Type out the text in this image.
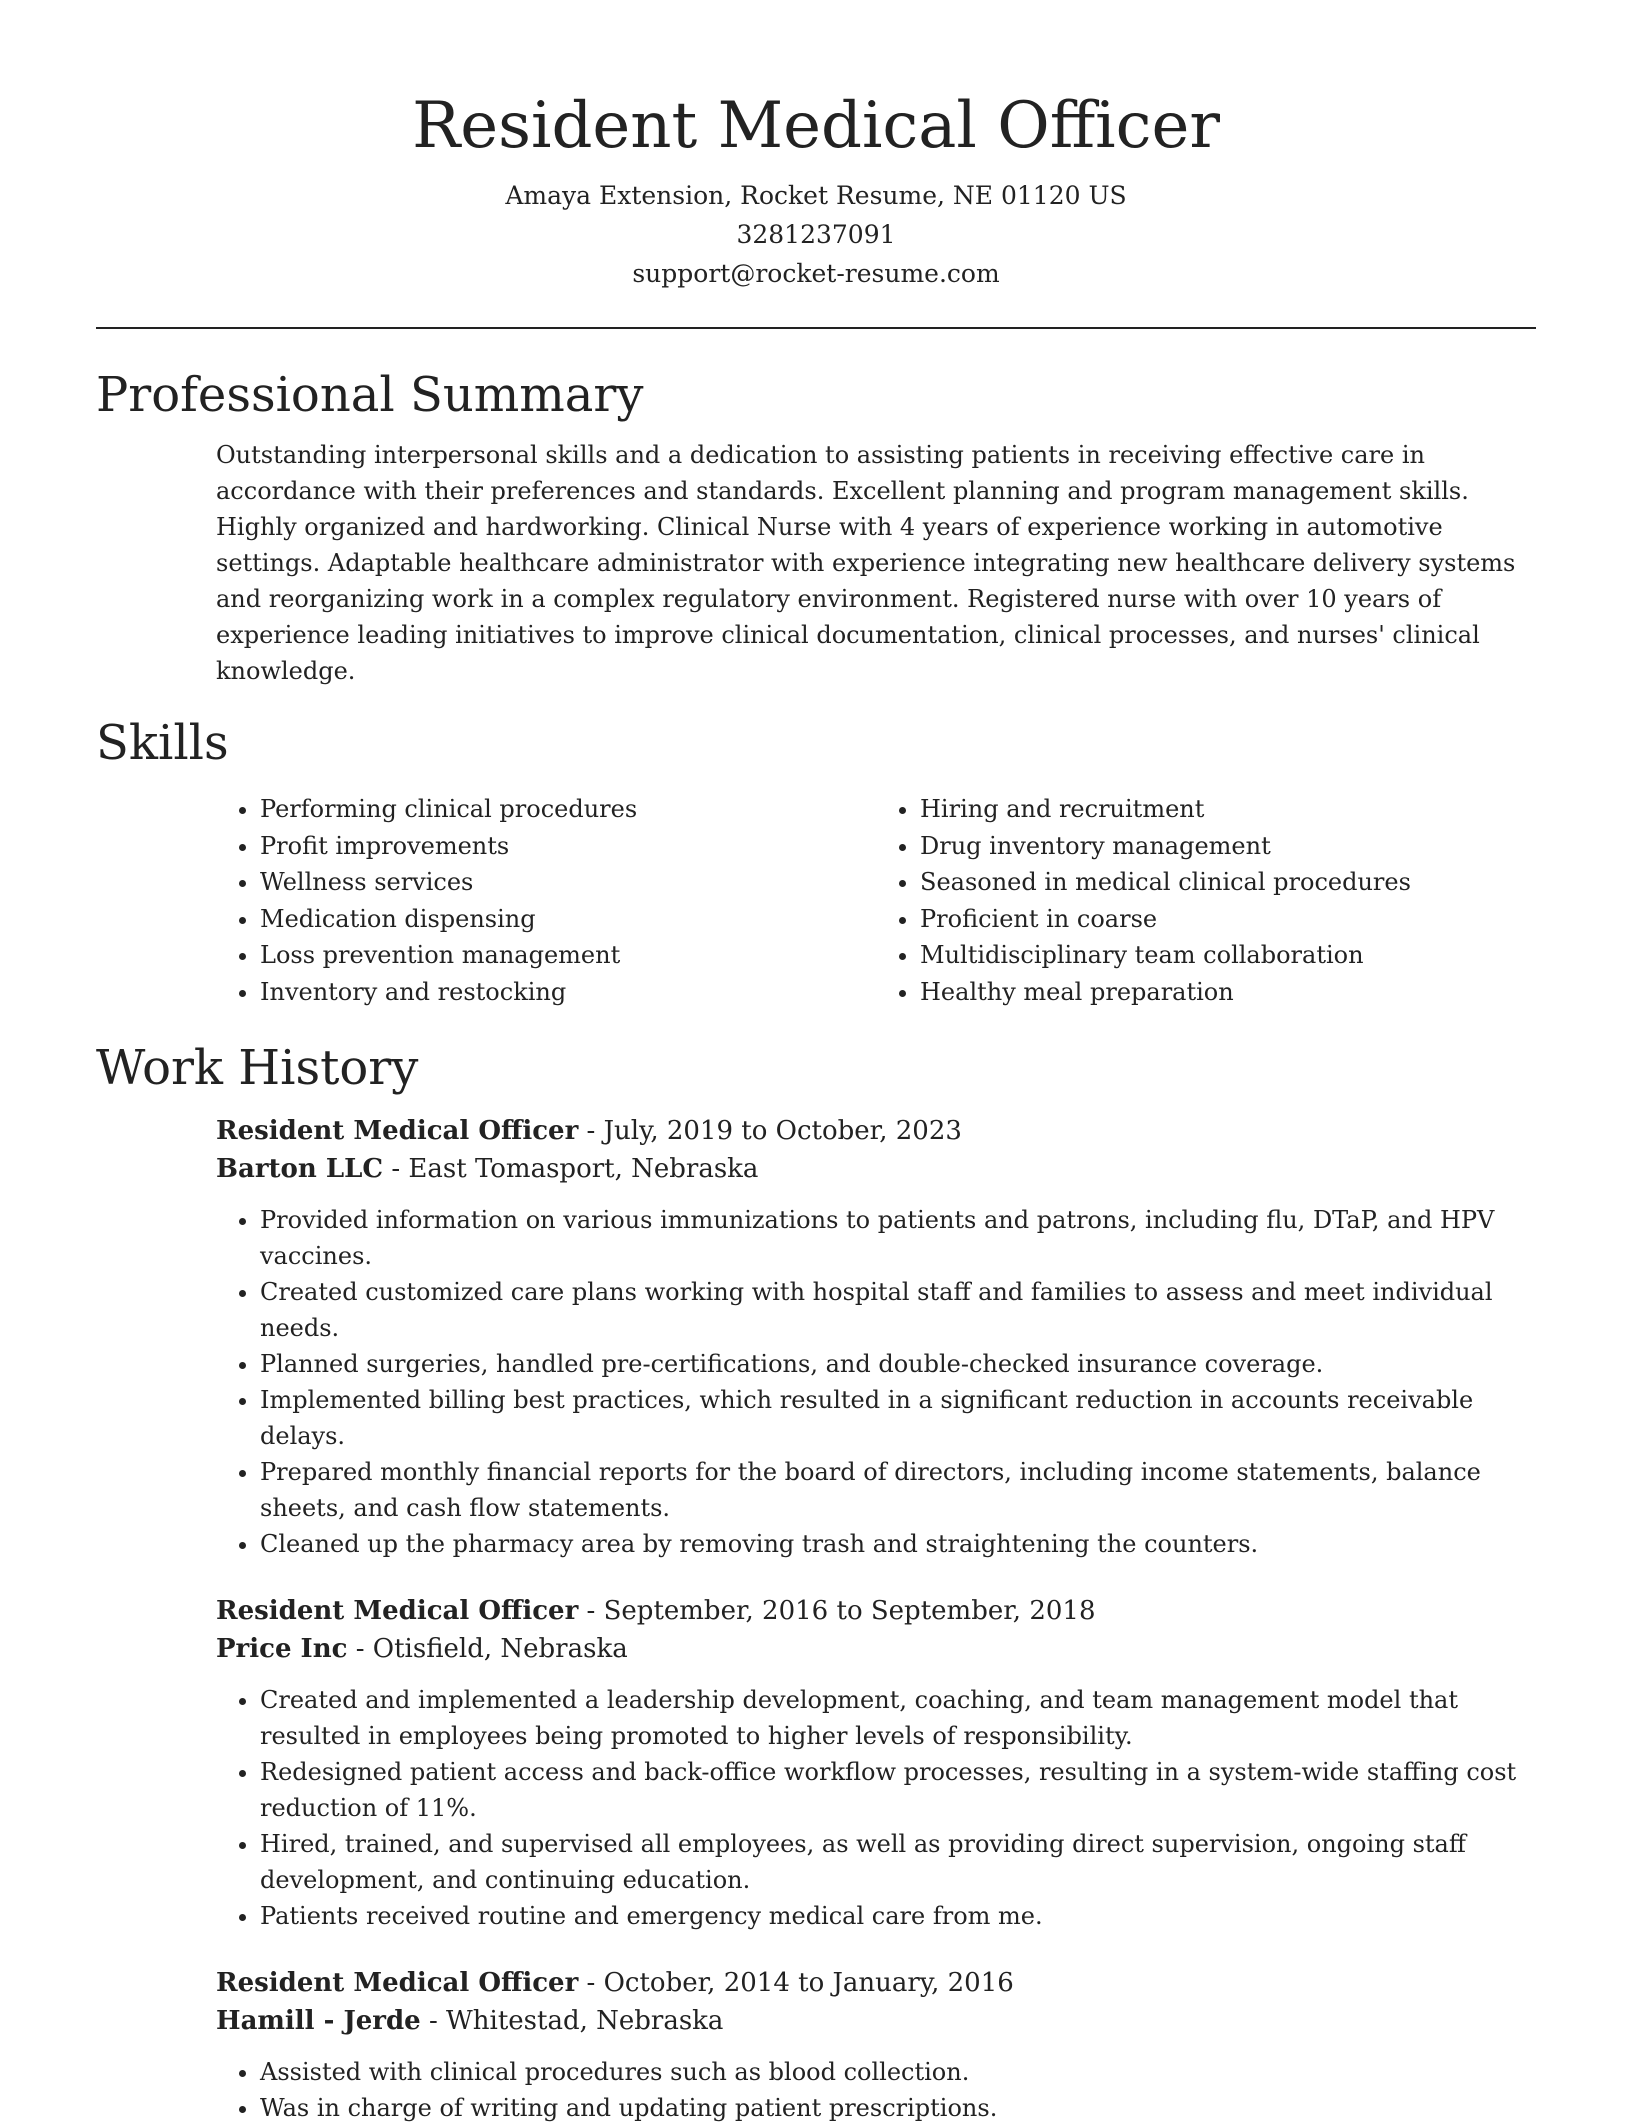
Resident Medical Officer
Amaya Extension, Rocket Resume, NE 01120 US
3281237091
support@rocket-resume.com
Professional Summary
Outstanding interpersonal skills and a dedication to assisting patients in receiving effective care in accordance with their preferences and standards. Excellent planning and program management skills. Highly organized and hardworking. Clinical Nurse with 4 years of experience working in automotive settings. Adaptable healthcare administrator with experience integrating new healthcare delivery systems and reorganizing work in a complex regulatory environment. Registered nurse with over 10 years of experience leading initiatives to improve clinical documentation, clinical processes, and nurses' clinical knowledge.
Skills
• Performing clinical procedures
• Profit improvements
• Wellness services
• Medication dispensing
• Loss prevention management
• Inventory and restocking
• Hiring and recruitment
• Drug inventory management
• Seasoned in medical clinical procedures
• Proficient in coarse
• Multidisciplinary team collaboration
• Healthy meal preparation
Work History
Resident Medical Officer - July, 2019 to October, 2023
Barton LLC - East Tomasport, Nebraska
• Provided information on various immunizations to patients and patrons, including flu, DTaP, and HPV vaccines.
• Created customized care plans working with hospital staff and families to assess and meet individual needs.
• Planned surgeries, handled pre-certifications, and double-checked insurance coverage.
• Implemented billing best practices, which resulted in a significant reduction in accounts receivable delays.
• Prepared monthly financial reports for the board of directors, including income statements, balance sheets, and cash flow statements.
• Cleaned up the pharmacy area by removing trash and straightening the counters.
Resident Medical Officer - September, 2016 to September, 2018
Price Inc - Otisfield, Nebraska
• Created and implemented a leadership development, coaching, and team management model that resulted in employees being promoted to higher levels of responsibility.
• Redesigned patient access and back-office workflow processes, resulting in a system-wide staffing cost reduction of 11%.
• Hired, trained, and supervised all employees, as well as providing direct supervision, ongoing staff development, and continuing education.
• Patients received routine and emergency medical care from me.
Resident Medical Officer - October, 2014 to January, 2016
Hamill - Jerde - Whitestad, Nebraska
• Assisted with clinical procedures such as blood collection.
• Was in charge of writing and updating patient prescriptions.
